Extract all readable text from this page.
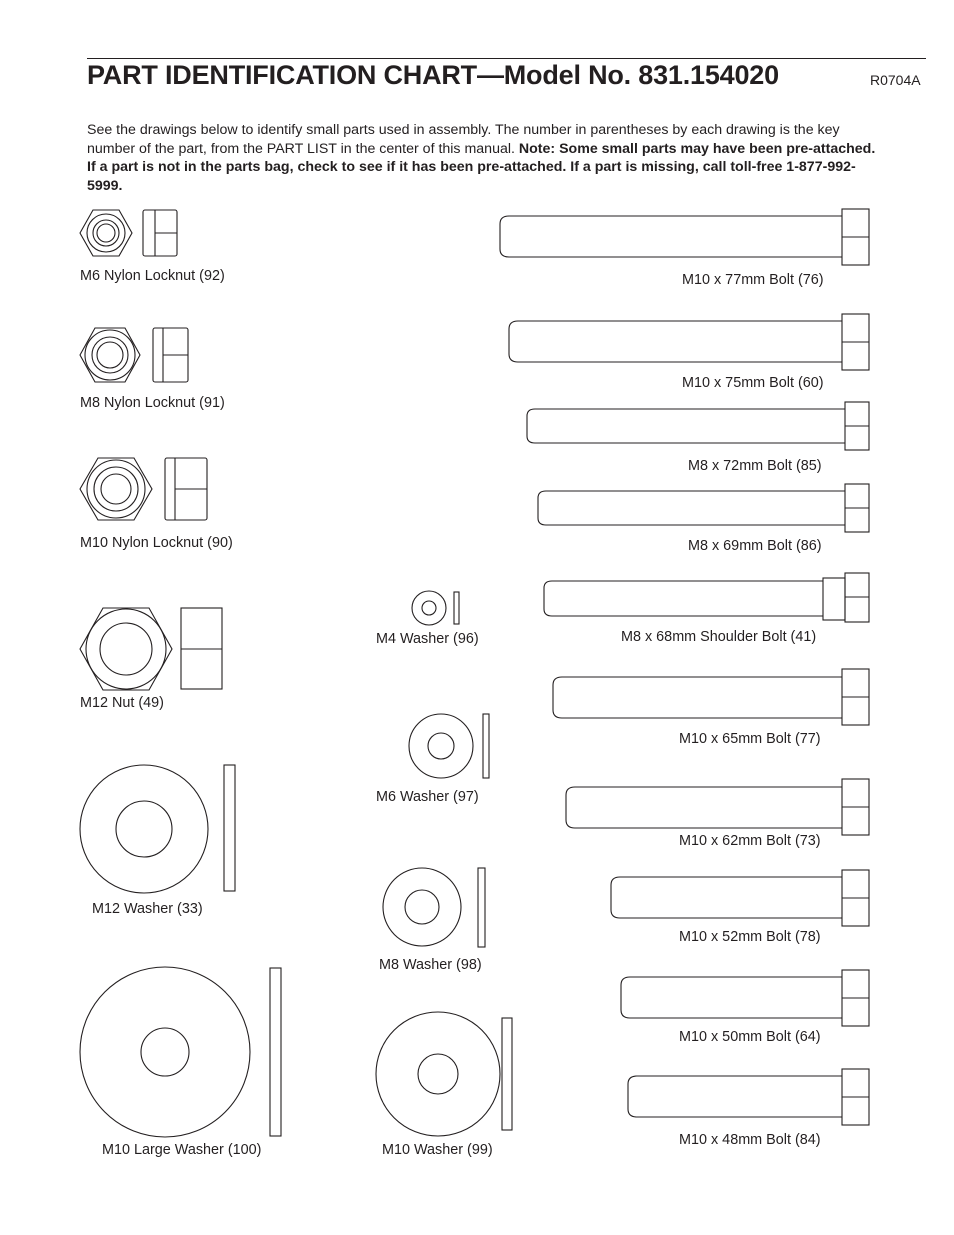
PART IDENTIFICATION CHART—Model No. 831.154020	R0704A
See the drawings below to identify small parts used in assembly. The number in parentheses by each drawing is the key number of the part, from the PART LIST in the center of this manual. Note: Some small parts may have been pre-attached. If a part is not in the parts bag, check to see if it has been pre-attached. If a part is missing, call toll-free 1-877-992-5999.
M6 Nylon Locknut (92)
M8 Nylon Locknut (91)
M10 Nylon Locknut (90)
M12 Nut (49)
M12 Washer (33)
M10 Large Washer (100)
M4 Washer (96)
M6 Washer (97)
M8 Washer (98)
M10 Washer (99)
M10 x 77mm Bolt (76)
M10 x 75mm Bolt (60)
M8 x 72mm Bolt (85)
M8 x 69mm Bolt (86)
M8 x 68mm Shoulder Bolt (41)
M10 x 65mm Bolt (77)
M10 x 62mm Bolt (73)
M10 x 52mm Bolt (78)
M10 x 50mm Bolt (64)
M10 x 48mm Bolt (84)
